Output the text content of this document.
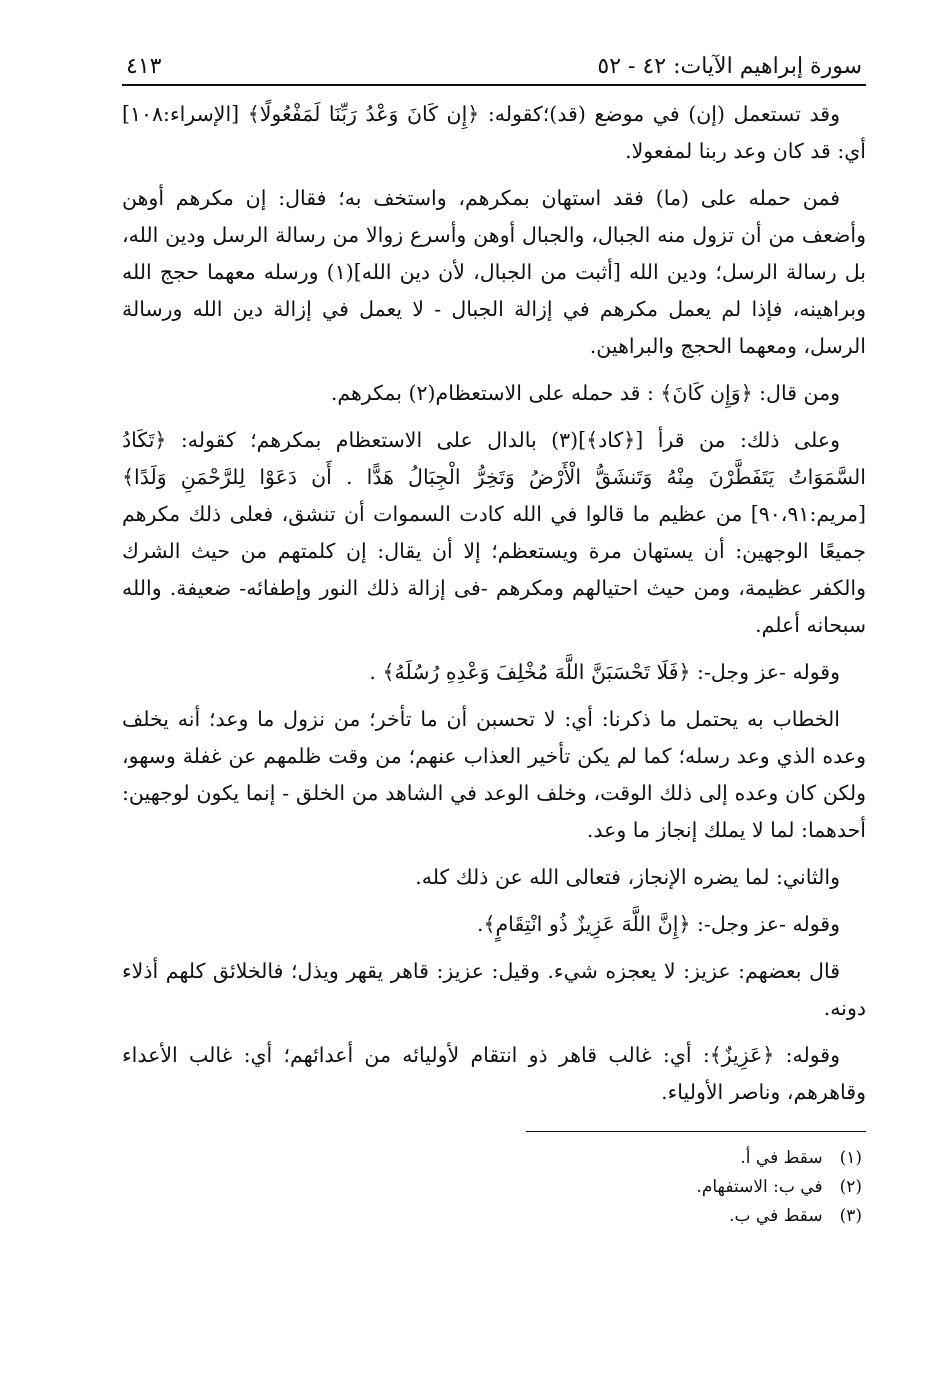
سورة إبراهيم الآيات: ٤٢ - ٥٢
٤١٣

وقد تستعمل (إن) في موضع (قد)؛كقوله: ﴿إِن كَانَ وَعْدُ رَبِّنَا لَمَفْعُولًا﴾ [الإسراء:١٠٨] أي: قد كان وعد ربنا لمفعولا.

فمن حمله على (ما) فقد استهان بمكرهم، واستخف به؛ فقال: إن مكرهم أوهن وأضعف من أن تزول منه الجبال، والجبال أوهن وأسرع زوالا من رسالة الرسل ودين الله، بل رسالة الرسل؛ ودين الله [أثبت من الجبال، لأن دين الله](١) ورسله معهما حجج الله وبراهينه، فإذا لم يعمل مكرهم في إزالة الجبال - لا يعمل في إزالة دين الله ورسالة الرسل، ومعهما الحجج والبراهين.

ومن قال: ﴿وَإِن كَانَ﴾ : قد حمله على الاستعظام(٢) بمكرهم.

وعلى ذلك: من قرأ [﴿كاد﴾](٣) بالدال على الاستعظام بمكرهم؛ كقوله: ﴿تَكَادُ السَّمَوَاتُ يَتَفَطَّرْنَ مِنْهُ وَتَنشَقُّ الْأَرْضُ وَتَخِرُّ الْجِبَالُ هَدًّا . أَن دَعَوْا لِلرَّحْمَنِ وَلَدًا﴾ [مريم:٩٠،٩١] من عظيم ما قالوا في الله كادت السموات أن تنشق، فعلى ذلك مكرهم جميعًا الوجهين: أن يستهان مرة ويستعظم؛ إلا أن يقال: إن كلمتهم من حيث الشرك والكفر عظيمة، ومن حيث احتيالهم ومكرهم -فى إزالة ذلك النور وإطفائه- ضعيفة. والله سبحانه أعلم.

وقوله -عز وجل-: ﴿فَلَا تَحْسَبَنَّ اللَّهَ مُخْلِفَ وَعْدِهِ رُسُلَهُ﴾ .

الخطاب به يحتمل ما ذكرنا: أي: لا تحسبن أن ما تأخر؛ من نزول ما وعد؛ أنه يخلف وعده الذي وعد رسله؛ كما لم يكن تأخير العذاب عنهم؛ من وقت ظلمهم عن غفلة وسهو، ولكن كان وعده إلى ذلك الوقت، وخلف الوعد في الشاهد من الخلق - إنما يكون لوجهين: أحدهما: لما لا يملك إنجاز ما وعد.

والثاني: لما يضره الإنجاز، فتعالى الله عن ذلك كله.

وقوله -عز وجل-: ﴿إِنَّ اللَّهَ عَزِيزٌ ذُو انْتِقَامٍ﴾.

قال بعضهم: عزيز: لا يعجزه شيء. وقيل: عزيز: قاهر يقهر ويذل؛ فالخلائق كلهم أذلاء دونه.

وقوله: ﴿عَزِيزٌ﴾: أي: غالب قاهر ذو انتقام لأوليائه من أعدائهم؛ أي: غالب الأعداء وقاهرهم، وناصر الأولياء.

(١) سقط في أ.
(٢) في ب: الاستفهام.
(٣) سقط في ب.
